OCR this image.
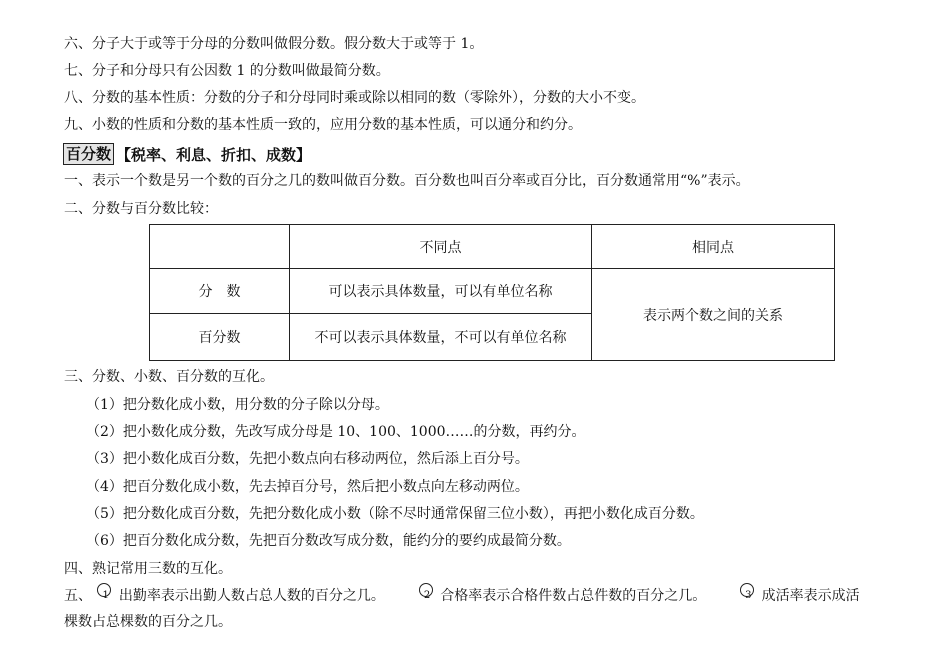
六、分子大于或等于分母的分数叫做假分数。假分数大于或等于 1。
七、分子和分母只有公因数 1 的分数叫做最简分数。
八、分数的基本性质：分数的分子和分母同时乘或除以相同的数（零除外），分数的大小不变。
九、小数的性质和分数的基本性质一致的，应用分数的基本性质，可以通分和约分。
百分数 【税率、利息、折扣、成数】
一、表示一个数是另一个数的百分之几的数叫做百分数。百分数也叫百分率或百分比，百分数通常用“%”表示。
二、分数与百分数比较：
	不同点	相同点
分　数	可以表示具体数量，可以有单位名称	表示两个数之间的关系
百分数	不可以表示具体数量，不可以有单位名称	
三、分数、小数、百分数的互化。
（1）把分数化成小数，用分数的分子除以分母。
（2）把小数化成分数，先改写成分母是 10、100、1000……的分数，再约分。
（3）把小数化成百分数，先把小数点向右移动两位，然后添上百分号。
（4）把百分数化成小数，先去掉百分号，然后把小数点向左移动两位。
（5）把分数化成百分数，先把分数化成小数（除不尽时通常保留三位小数），再把小数化成百分数。
（6）把百分数化成分数，先把百分数改写成分数，能约分的要约成最简分数。
四、熟记常用三数的互化。
五、 1 出勤率表示出勤人数占总人数的百分之几。	2 合格率表示合格件数占总件数的百分之几。	3 成活率表示成活
棵数占总棵数的百分之几。
